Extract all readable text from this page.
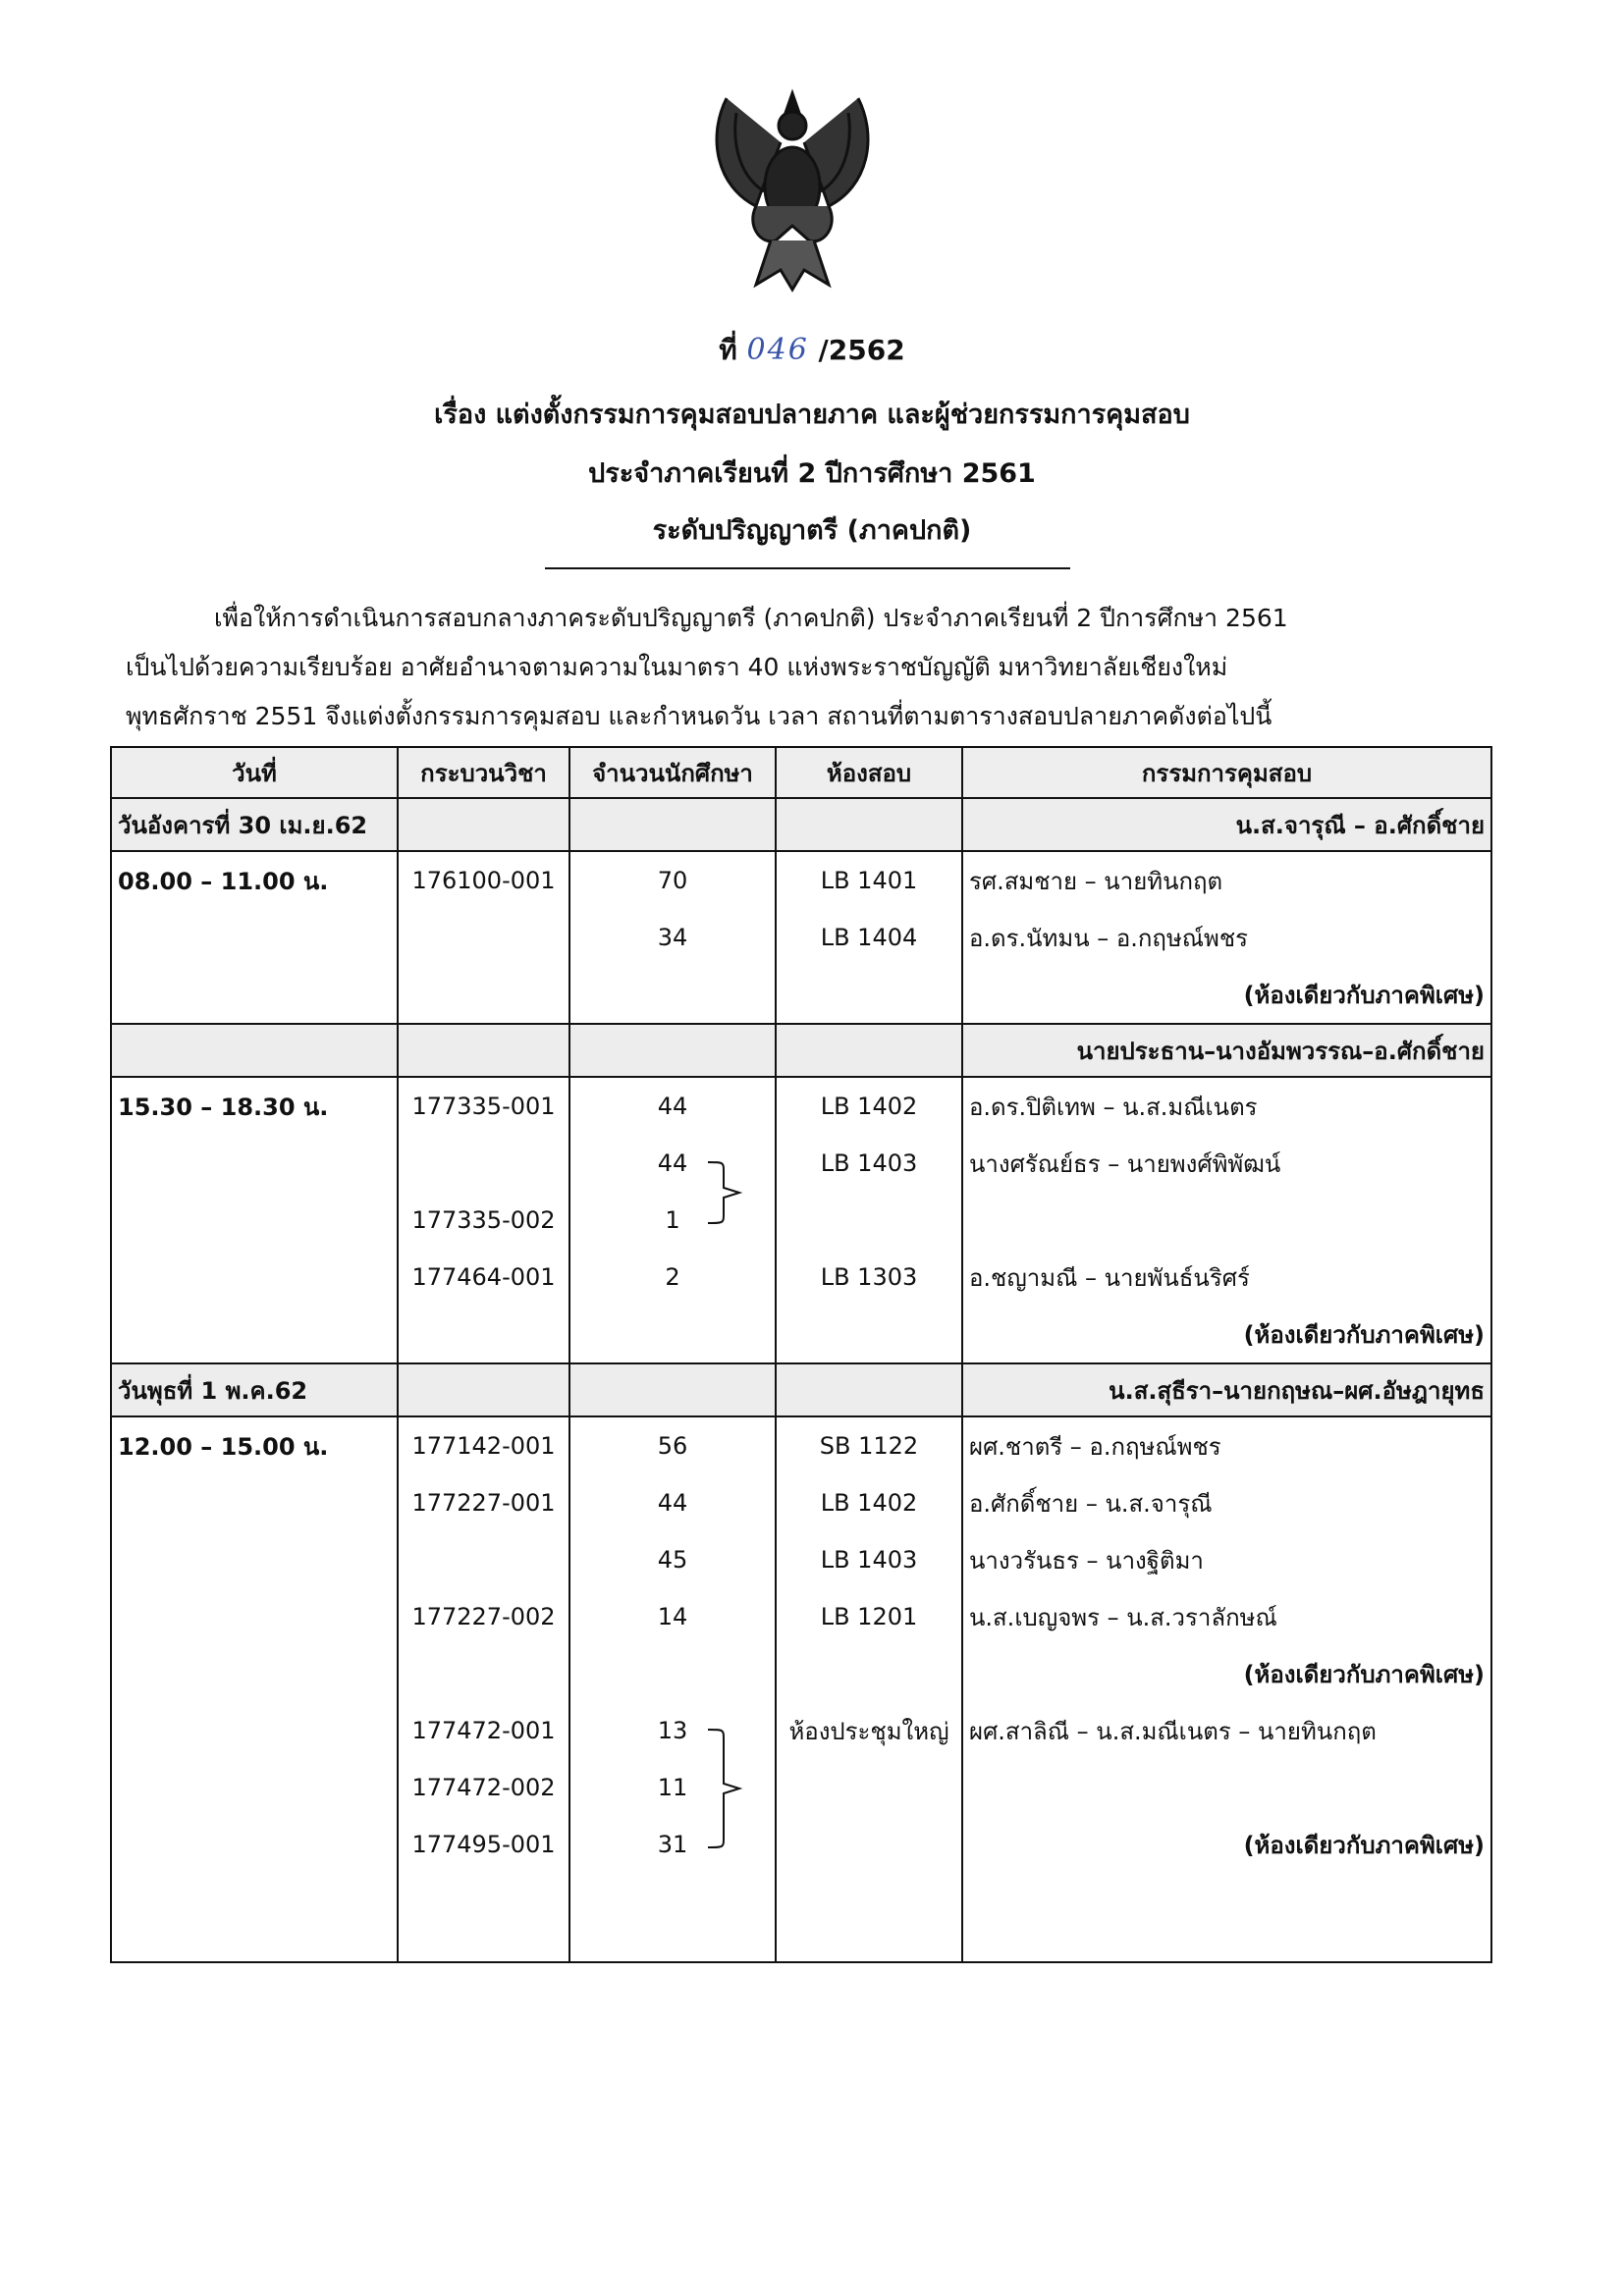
ที่ 046 /2562
เรื่อง แต่งตั้งกรรมการคุมสอบปลายภาค และผู้ช่วยกรรมการคุมสอบ
ประจำภาคเรียนที่ 2 ปีการศึกษา 2561
ระดับปริญญาตรี (ภาคปกติ)
เพื่อให้การดำเนินการสอบกลางภาคระดับปริญญาตรี (ภาคปกติ) ประจำภาคเรียนที่ 2 ปีการศึกษา 2561
เป็นไปด้วยความเรียบร้อย อาศัยอำนาจตามความในมาตรา 40 แห่งพระราชบัญญัติ มหาวิทยาลัยเชียงใหม่
พุทธศักราช 2551 จึงแต่งตั้งกรรมการคุมสอบ และกำหนดวัน เวลา สถานที่ตามตารางสอบปลายภาคดังต่อไปนี้
วันที่	กระบวนวิชา	จำนวนนักศึกษา	ห้องสอบ	กรรมการคุมสอบ
วันอังคารที่ 30 เม.ย.62				น.ส.จารุณี – อ.ศักดิ์ชาย
08.00 – 11.00 น.	176100-001	70	LB 1401	รศ.สมชาย – นายทินกฤต
		34	LB 1404	อ.ดร.นัทมน – อ.กฤษณ์พชร
				(ห้องเดียวกับภาคพิเศษ)
				นายประธาน–นางอัมพวรรณ–อ.ศักดิ์ชาย
15.30 – 18.30 น.	177335-001	44	LB 1402	อ.ดร.ปิติเทพ – น.ส.มณีเนตร
		44	LB 1403	นางศรัณย์ธร – นายพงศ์พิพัฒน์
	177335-002	1		
	177464-001	2	LB 1303	อ.ชญามณี – นายพันธ์นริศร์
				(ห้องเดียวกับภาคพิเศษ)
วันพุธที่ 1 พ.ค.62				น.ส.สุธีรา–นายกฤษณ–ผศ.อัษฎายุทธ
12.00 – 15.00 น.	177142-001	56	SB 1122	ผศ.ชาตรี – อ.กฤษณ์พชร
	177227-001	44	LB 1402	อ.ศักดิ์ชาย – น.ส.จารุณี
		45	LB 1403	นางวรันธร – นางฐิติมา
	177227-002	14	LB 1201	น.ส.เบญจพร – น.ส.วราลักษณ์
				(ห้องเดียวกับภาคพิเศษ)
	177472-001	13	ห้องประชุมใหญ่	ผศ.สาลิณี – น.ส.มณีเนตร – นายทินกฤต
	177472-002	11		
	177495-001	31		(ห้องเดียวกับภาคพิเศษ)
